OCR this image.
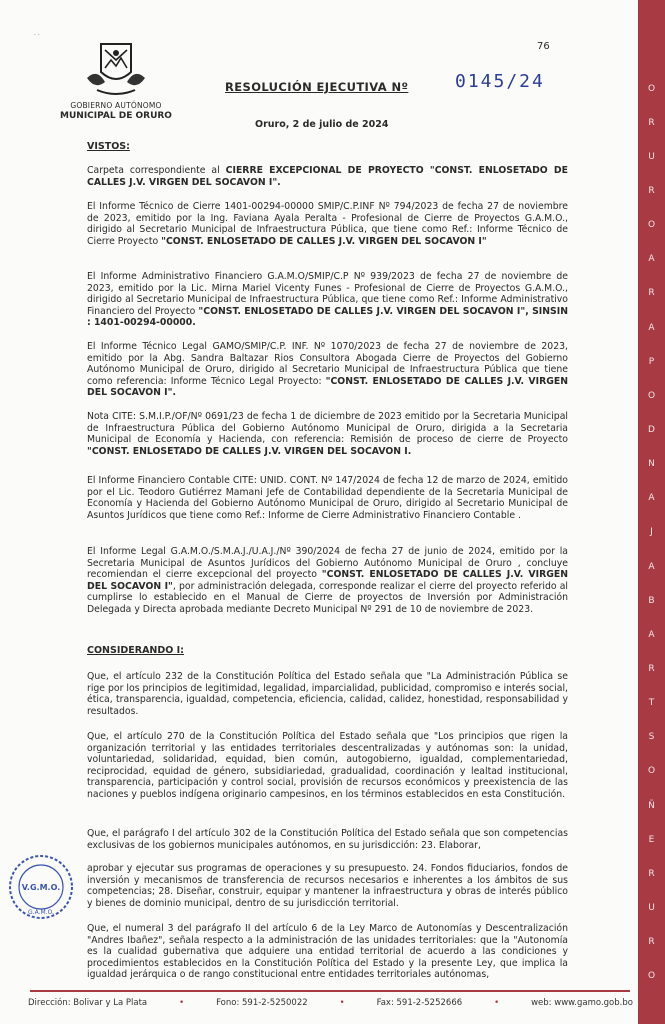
· ·
76
GOBIERNO AUTÓNOMO
MUNICIPAL DE ORURO
RESOLUCIÓN EJECUTIVA Nº	0145/24
Oruro, 2 de julio de 2024
VISTOS:

Carpeta correspondiente al CIERRE EXCEPCIONAL DE PROYECTO "CONST. ENLOSETADO DE CALLES J.V. VIRGEN DEL SOCAVON I".

El Informe Técnico de Cierre 1401-00294-00000 SMIP/C.P.INF Nº 794/2023 de fecha 27 de noviembre de 2023, emitido por la Ing. Faviana Ayala Peralta - Profesional de Cierre de Proyectos G.A.M.O., dirigido al Secretario Municipal de Infraestructura Pública, que tiene como Ref.: Informe Técnico de Cierre Proyecto "CONST. ENLOSETADO DE CALLES J.V. VIRGEN DEL SOCAVON I"

El Informe Administrativo Financiero G.A.M.O/SMIP/C.P Nº 939/2023 de fecha 27 de noviembre de 2023, emitido por la Lic. Mirna Mariel Vicenty Funes - Profesional de Cierre de Proyectos G.A.M.O., dirigido al Secretario Municipal de Infraestructura Pública, que tiene como Ref.: Informe Administrativo Financiero del Proyecto "CONST. ENLOSETADO DE CALLES J.V. VIRGEN DEL SOCAVON I", SINSIN : 1401-00294-00000.

El Informe Técnico Legal GAMO/SMIP/C.P. INF. Nº 1070/2023 de fecha 27 de noviembre de 2023, emitido por la Abg. Sandra Baltazar Rios Consultora Abogada Cierre de Proyectos del Gobierno Autónomo Municipal de Oruro, dirigido al Secretario Municipal de Infraestructura Pública que tiene como referencia: Informe Técnico Legal Proyecto: "CONST. ENLOSETADO DE CALLES J.V. VIRGEN DEL SOCAVON I".

Nota CITE: S.M.I.P./OF/Nº 0691/23 de fecha 1 de diciembre de 2023 emitido por la Secretaria Municipal de Infraestructura Pública del Gobierno Autónomo Municipal de Oruro, dirigida a la Secretaria Municipal de Economía y Hacienda, con referencia: Remisión de proceso de cierre de Proyecto "CONST. ENLOSETADO DE CALLES J.V. VIRGEN DEL SOCAVON I.

El Informe Financiero Contable CITE: UNID. CONT. Nº 147/2024 de fecha 12 de marzo de 2024, emitido por el Lic. Teodoro Gutiérrez Mamani Jefe de Contabilidad dependiente de la Secretaria Municipal de Economía y Hacienda del Gobierno Autónomo Municipal de Oruro, dirigido al Secretario Municipal de Asuntos Jurídicos que tiene como Ref.: Informe de Cierre Administrativo Financiero Contable .

El Informe Legal G.A.M.O./S.M.A.J./U.A.J./Nº 390/2024 de fecha 27 de junio de 2024, emitido por la Secretaria Municipal de Asuntos Jurídicos del Gobierno Autónomo Municipal de Oruro , concluye recomiendan el cierre excepcional del proyecto "CONST. ENLOSETADO DE CALLES J.V. VIRGEN DEL SOCAVON I", por administración delegada, corresponde realizar el cierre del proyecto referido al cumplirse lo establecido en el Manual de Cierre de proyectos de Inversión por Administración Delegada y Directa aprobada mediante Decreto Municipal Nº 291 de 10 de noviembre de 2023.

CONSIDERANDO I:

Que, el artículo 232 de la Constitución Política del Estado señala que "La Administración Pública se rige por los principios de legitimidad, legalidad, imparcialidad, publicidad, compromiso e interés social, ética, transparencia, igualdad, competencia, eficiencia, calidad, calidez, honestidad, responsabilidad y resultados.

Que, el artículo 270 de la Constitución Política del Estado señala que "Los principios que rigen la organización territorial y las entidades territoriales descentralizadas y autónomas son: la unidad, voluntariedad, solidaridad, equidad, bien común, autogobierno, igualdad, complementariedad, reciprocidad, equidad de género, subsidiariedad, gradualidad, coordinación y lealtad institucional, transparencia, participación y control social, provisión de recursos económicos y preexistencia de las naciones y pueblos indígena originario campesinos, en los términos establecidos en esta Constitución.

Que, el parágrafo I del artículo 302 de la Constitución Política del Estado señala que son competencias exclusivas de los gobiernos municipales autónomos, en su jurisdicción: 23. Elaborar,

aprobar y ejecutar sus programas de operaciones y su presupuesto. 24. Fondos fiduciarios, fondos de inversión y mecanismos de transferencia de recursos necesarios e inherentes a los ámbitos de sus competencias; 28. Diseñar, construir, equipar y mantener la infraestructura y obras de interés público y bienes de dominio municipal, dentro de su jurisdicción territorial.

Que, el numeral 3 del parágrafo II del artículo 6 de la Ley Marco de Autonomías y Descentralización "Andres Ibañez", señala respecto a la administración de las unidades territoriales: que la "Autonomía es la cualidad gubernativa que adquiere una entidad territorial de acuerdo a las condiciones y procedimientos establecidos en la Constitución Política del Estado y la presente Ley, que implica la igualdad jerárquica o de rango constitucional entre entidades territoriales autónomas,

V.G.M.O.
G.A.M.O.
O
R
U
R
O
A
R
A
P
O
D
N
A
J
A
B
A
R
T
S
O
Ñ
E
R
U
R
O
Dirección: Bolivar y La Plata	•	Fono: 591-2-5250022	•	Fax: 591-2-5252666	•	web: www.gamo.gob.bo
